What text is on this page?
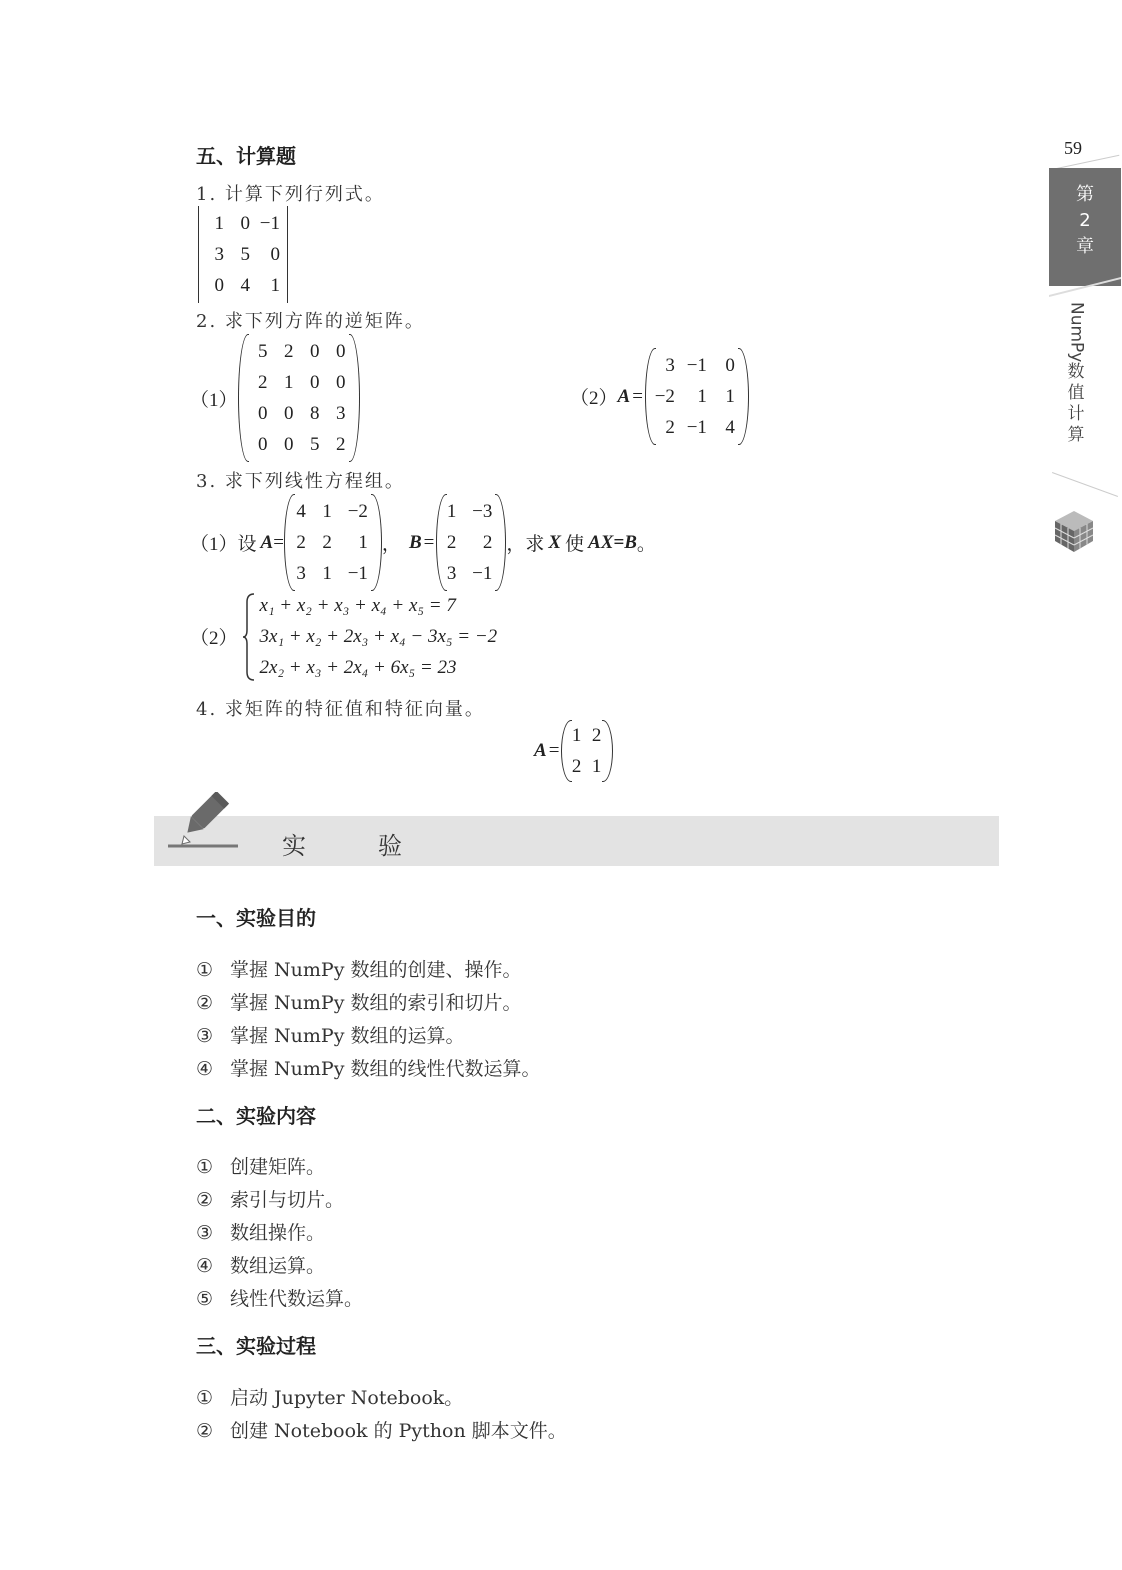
59
第
2
章
NumPy
数
值
计
算
五、计算题
1. 计算下列行列式。
1 0 −1
3 5	0
0 4	1
2. 求下列方阵的逆矩阵。
（1）
5 2 0 0
2 1 0 0
0 0 8 3
0 0 5 2
（2） A =
3 −1 0
−2	1 1
2 −1 4
3. 求下列线性方程组。
（1）设 A =
4 1 −2
2 2	1
3 1 −1
， B =
1 −3
2	2
3 −1
，求 X 使 AX=B 。
（2）
x₁ + x₂ + x₃ + x₄ + x₅ = 7
3x₁ + x₂ + 2x₃ + x₄ − 3x₅ = −2
2x₂ + x₃ + 2x₄ + 6x₅ = 23
4. 求矩阵的特征值和特征向量。
A =
1 2
2 1
实　　　验
一、实验目的
① 掌握 NumPy 数组的创建、操作。
② 掌握 NumPy 数组的索引和切片。
③ 掌握 NumPy 数组的运算。
④ 掌握 NumPy 数组的线性代数运算。
二、实验内容
① 创建矩阵。
② 索引与切片。
③ 数组操作。
④ 数组运算。
⑤ 线性代数运算。
三、实验过程
① 启动 Jupyter Notebook。
② 创建 Notebook 的 Python 脚本文件。
